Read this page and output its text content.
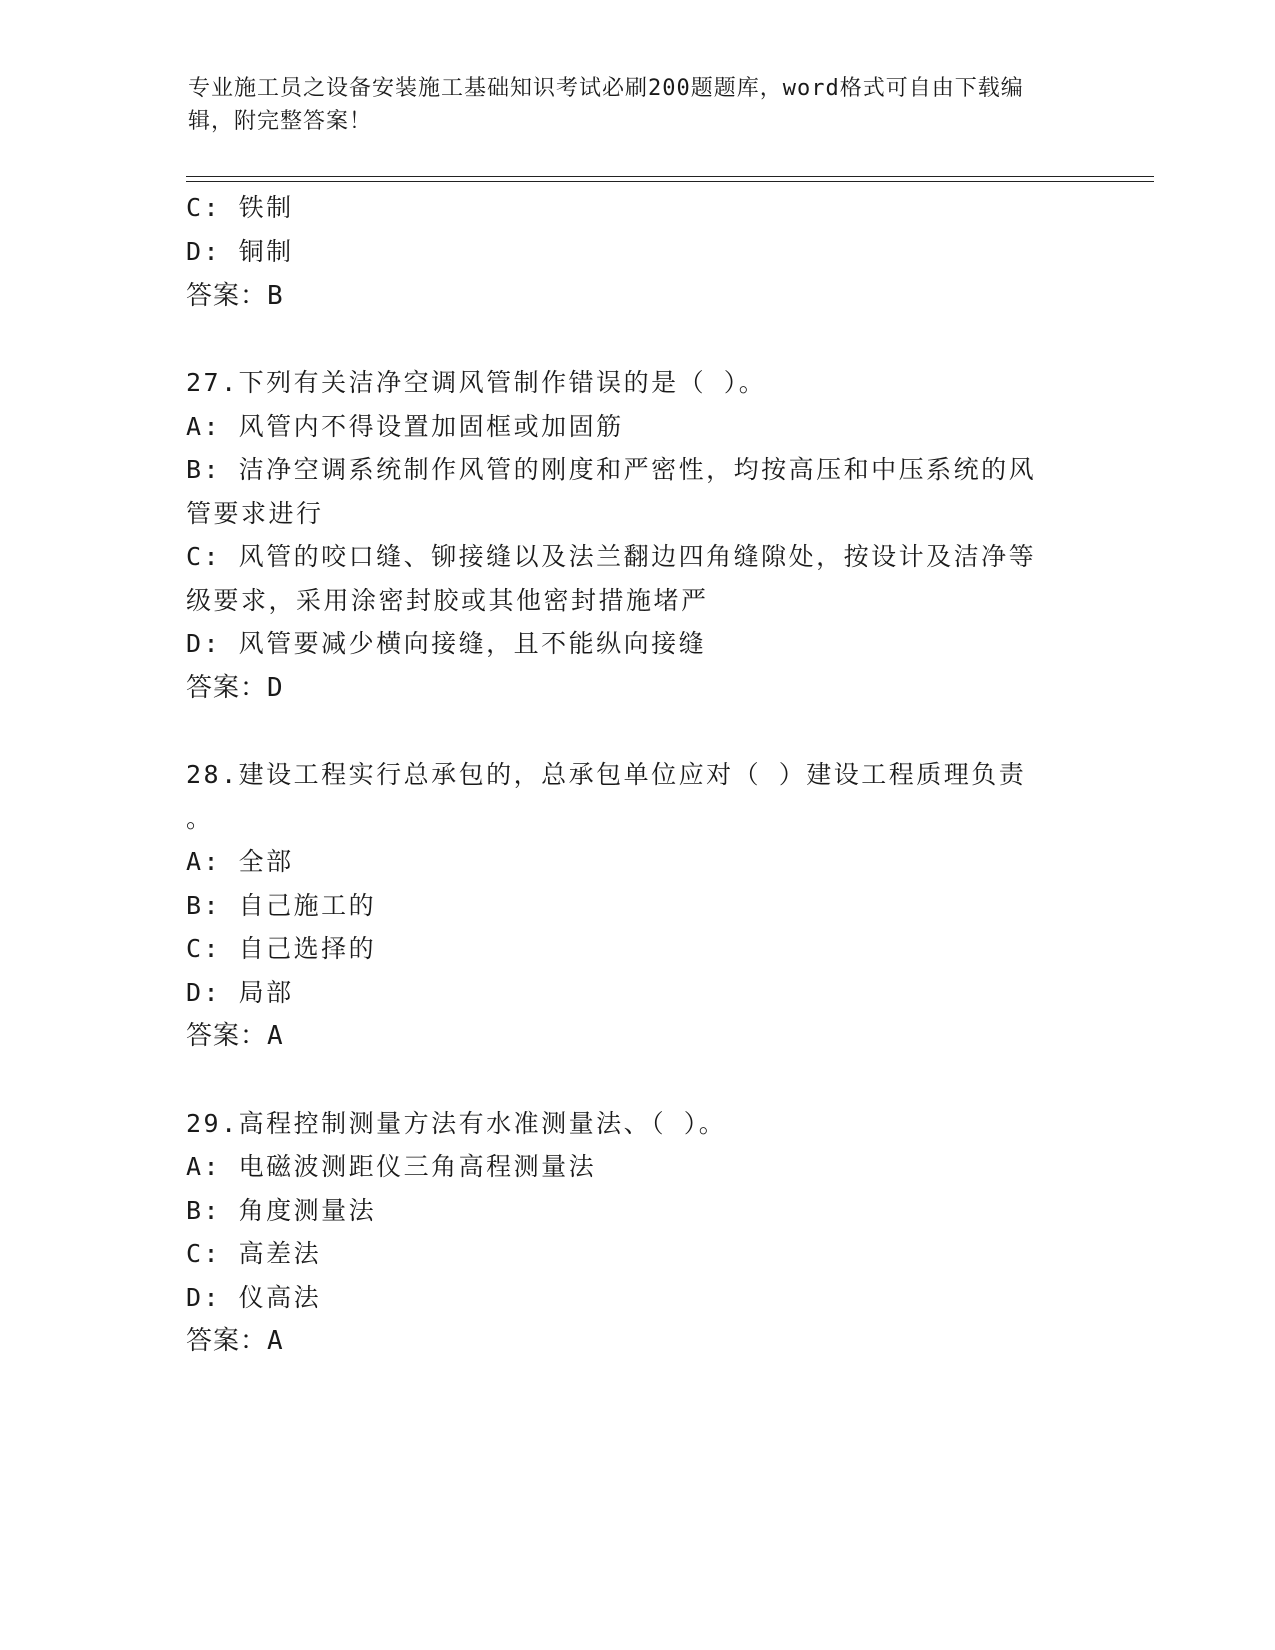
专业施工员之设备安装施工基础知识考试必刷200题题库，word格式可自由下载编辑，附完整答案！
C: 铁制
D: 铜制
答案：B
27.下列有关洁净空调风管制作错误的是（ ）。
A: 风管内不得设置加固框或加固筋
B: 洁净空调系统制作风管的刚度和严密性，均按高压和中压系统的风
管要求进行
C: 风管的咬口缝、铆接缝以及法兰翻边四角缝隙处，按设计及洁净等
级要求，采用涂密封胶或其他密封措施堵严
D: 风管要减少横向接缝，且不能纵向接缝
答案：D
28.建设工程实行总承包的，总承包单位应对（ ）建设工程质理负责
。
A: 全部
B: 自己施工的
C: 自己选择的
D: 局部
答案：A
29.高程控制测量方法有水准测量法、（ ）。
A: 电磁波测距仪三角高程测量法
B: 角度测量法
C: 高差法
D: 仪高法
答案：A
